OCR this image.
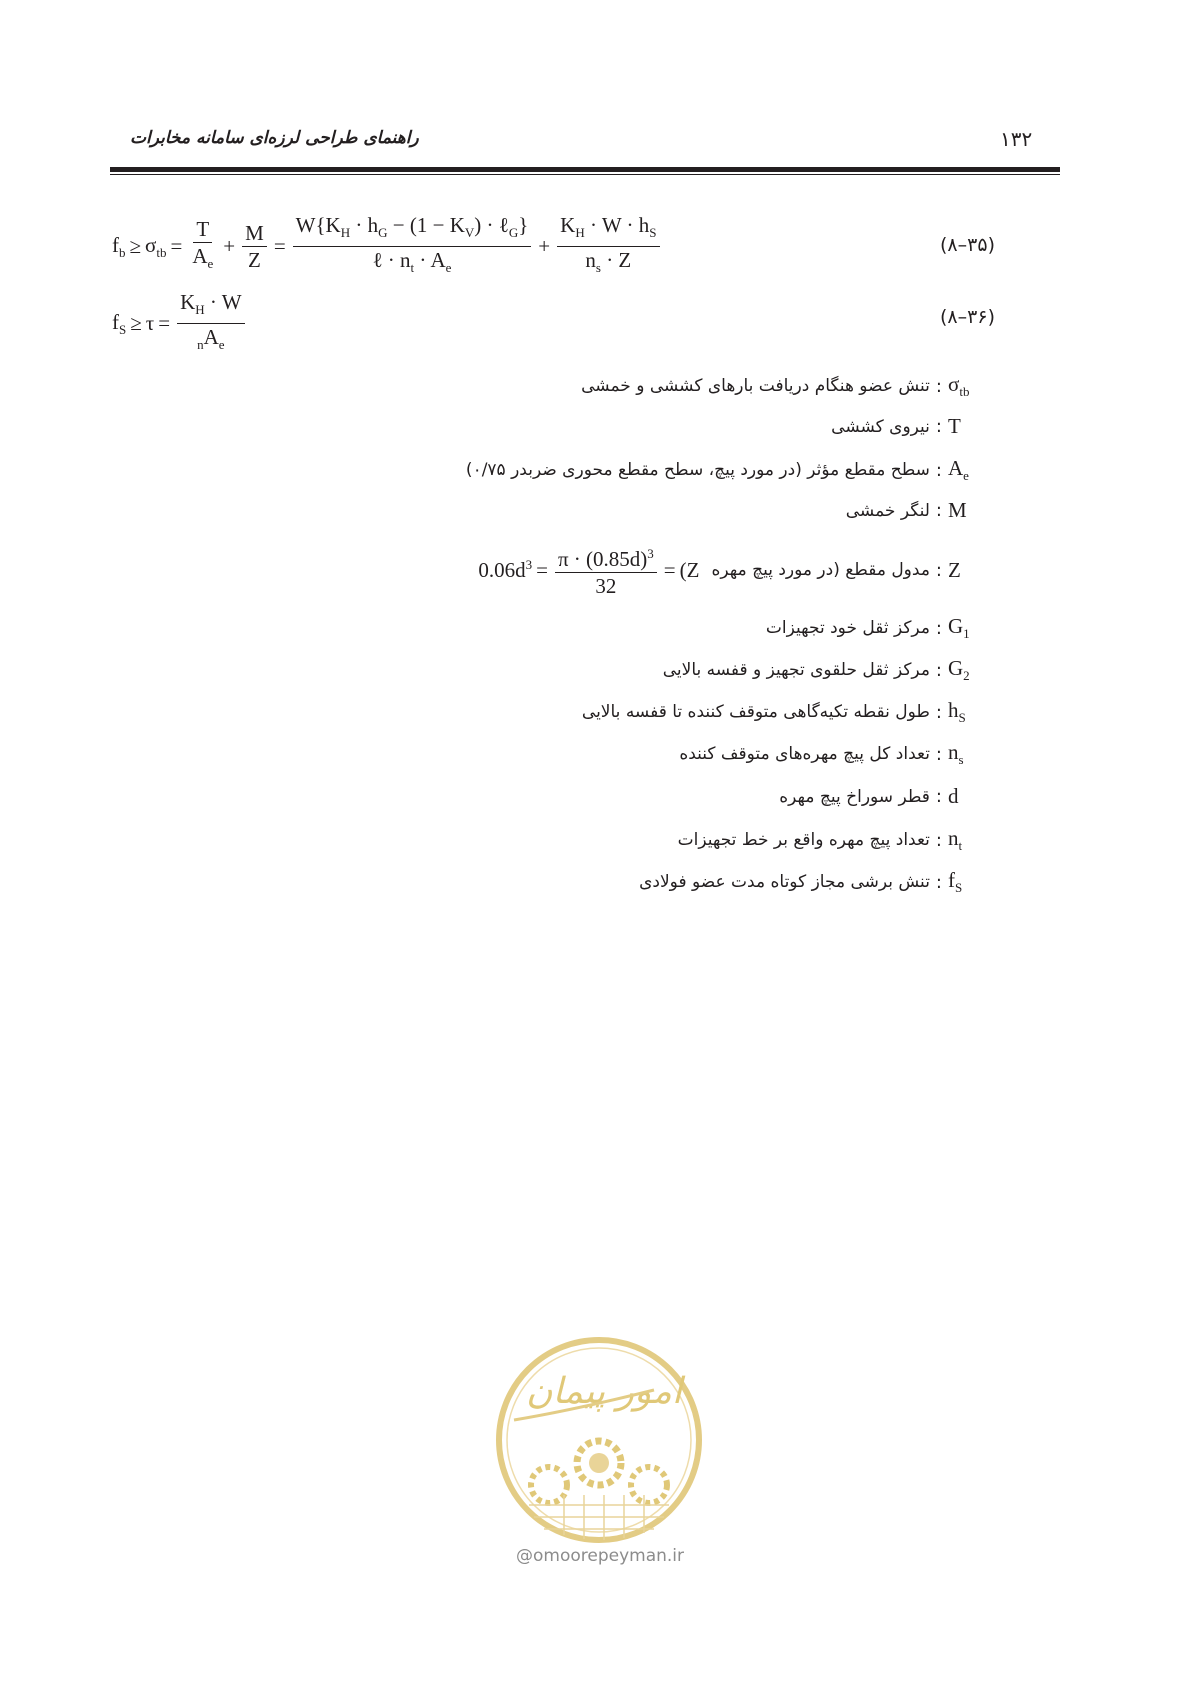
۱۳۲
راهنمای طراحی لرزه‌ای سامانه مخابرات
$f_b \ge \sigma_{tb} = \frac{T}{A_e} + \frac{M}{Z} = \frac{W\{K_H \cdot h_G - (1 - K_V) \cdot \ell_G\}}{\ell \cdot n_t \cdot A_e} + \frac{K_H \cdot W \cdot h_S}{n_s \cdot Z}$	(۳۵–۸)
$f_S \ge \tau = \frac{K_H \cdot W}{_nA_e}$	(۳۶–۸)
$\sigma_{tb}$
:
تنش عضو هنگام دریافت بارهای کششی و خمشی
T
:
نیروی کششی
$A_e$
:
سطح مقطع مؤثر (در مورد پیچ، سطح مقطع محوری ضربدر ۰/۷۵)
M
:
لنگر خمشی
Z
:
مدول مقطع (در مورد پیچ مهره
$0.06d^3 = \frac{\pi \cdot (0.85d)^3}{32} = (Z$
$G_1$
:
مرکز ثقل خود تجهیزات
$G_2$
:
مرکز ثقل حلقوی تجهیز و قفسه بالایی
$h_S$
:
طول نقطه تکیه‌گاهی متوقف کننده تا قفسه بالایی
$n_s$
:
تعداد کل پیچ مهره‌های متوقف کننده
d
:
قطر سوراخ پیچ مهره
$n_t$
:
تعداد پیچ مهره واقع بر خط تجهیزات
$f_S$
:
تنش برشی مجاز کوتاه مدت عضو فولادی
امور پیمان
@omoorepeyman.ir
